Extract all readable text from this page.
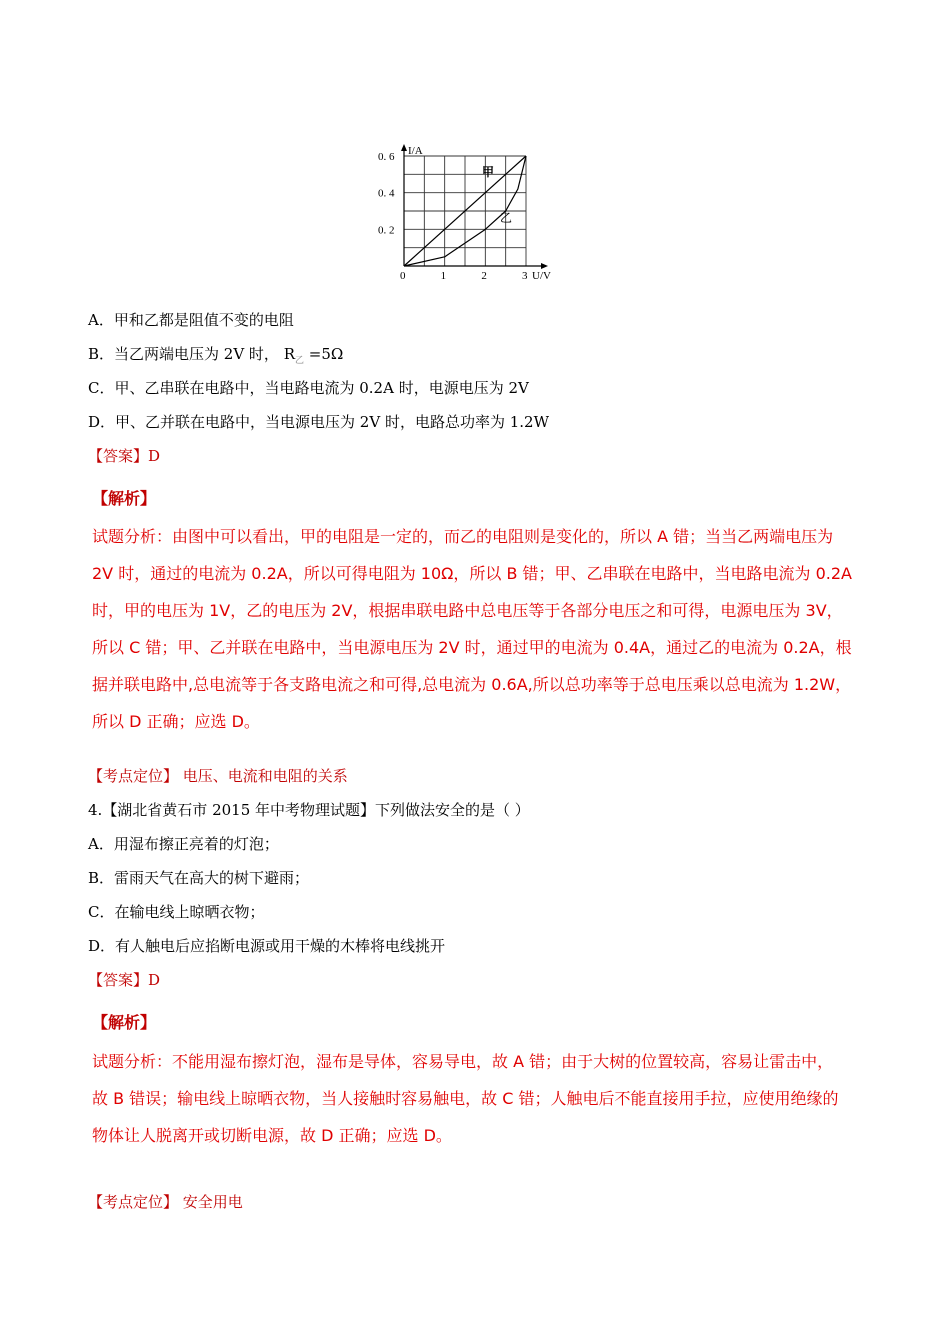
甲
乙
0	1	2	3
0. 2
0. 4
0. 6
U/V
I/A
A．甲和乙都是阻值不变的电阻
B．当乙两端电压为 2V 时， $R_乙 =5\Omega$
C．甲、乙串联在电路中，当电路电流为 0.2A 时，电源电压为 2V
D．甲、乙并联在电路中，当电源电压为 2V 时，电路总功率为 1.2W
【答案】D
【解析】
试题分析：由图中可以看出，甲的电阻是一定的，而乙的电阻则是变化的，所以 A 错；当当乙两端电压为
2V 时，通过的电流为 0.2A，所以可得电阻为 10Ω，所以 B 错；甲、乙串联在电路中，当电路电流为 0.2A
时，甲的电压为 1V，乙的电压为 2V，根据串联电路中总电压等于各部分电压之和可得，电源电压为 3V，
所以 C 错；甲、乙并联在电路中，当电源电压为 2V 时，通过甲的电流为 0.4A，通过乙的电流为 0.2A，根
据并联电路中,总电流等于各支路电流之和可得,总电流为 0.6A,所以总功率等于总电压乘以总电流为 1.2W，
所以 D 正确；应选 D。
【考点定位】 电压、电流和电阻的关系
4.【湖北省黄石市 2015 年中考物理试题】下列做法安全的是（ ）
A．用湿布擦正亮着的灯泡；
B．雷雨天气在高大的树下避雨；
C．在输电线上晾晒衣物；
D．有人触电后应掐断电源或用干燥的木棒将电线挑开
【答案】D
【解析】
试题分析：不能用湿布擦灯泡，湿布是导体，容易导电，故 A 错；由于大树的位置较高，容易让雷击中，
故 B 错误；输电线上晾晒衣物，当人接触时容易触电，故 C 错；人触电后不能直接用手拉，应使用绝缘的
物体让人脱离开或切断电源，故 D 正确；应选 D。
【考点定位】 安全用电
